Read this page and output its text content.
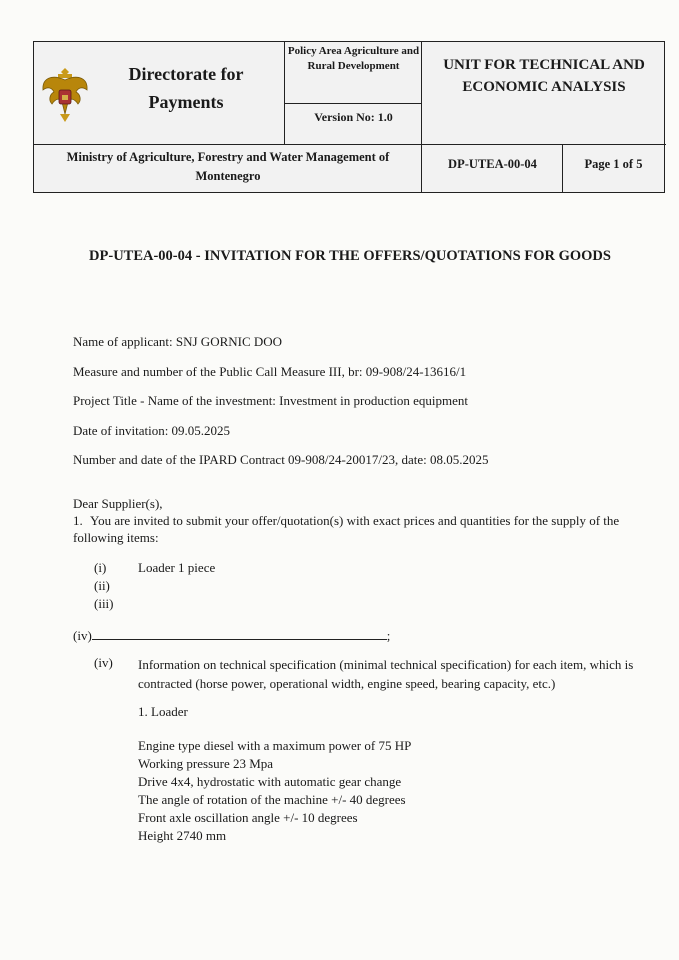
Directorate for Payments
Policy Area Agriculture and Rural Development
Version No: 1.0
UNIT FOR TECHNICAL AND ECONOMIC ANALYSIS
Ministry of Agriculture, Forestry and Water Management of Montenegro
DP-UTEA-00-04	Page 1 of 5
DP-UTEA-00-04 - INVITATION FOR THE OFFERS/QUOTATIONS FOR GOODS
Name of applicant: SNJ GORNIC DOO
Measure and number of the Public Call Measure III, br: 09-908/24-13616/1
Project Title - Name of the investment: Investment in production equipment
Date of invitation: 09.05.2025
Number and date of the IPARD Contract 09-908/24-20017/23, date: 08.05.2025
Dear Supplier(s),
1. You are invited to submit your offer/quotation(s) with exact prices and quantities for the supply of the following items:
(i)
(ii)
(iii)
Loader 1 piece
(iv)	;
(iv) Information on technical specification (minimal technical specification) for each item, which is contracted (horse power, operational width, engine speed, bearing capacity, etc.)
1. Loader
Engine type diesel with a maximum power of 75 HP
Working pressure 23 Mpa
Drive 4x4, hydrostatic with automatic gear change
The angle of rotation of the machine +/- 40 degrees
Front axle oscillation angle +/- 10 degrees
Height 2740 mm
